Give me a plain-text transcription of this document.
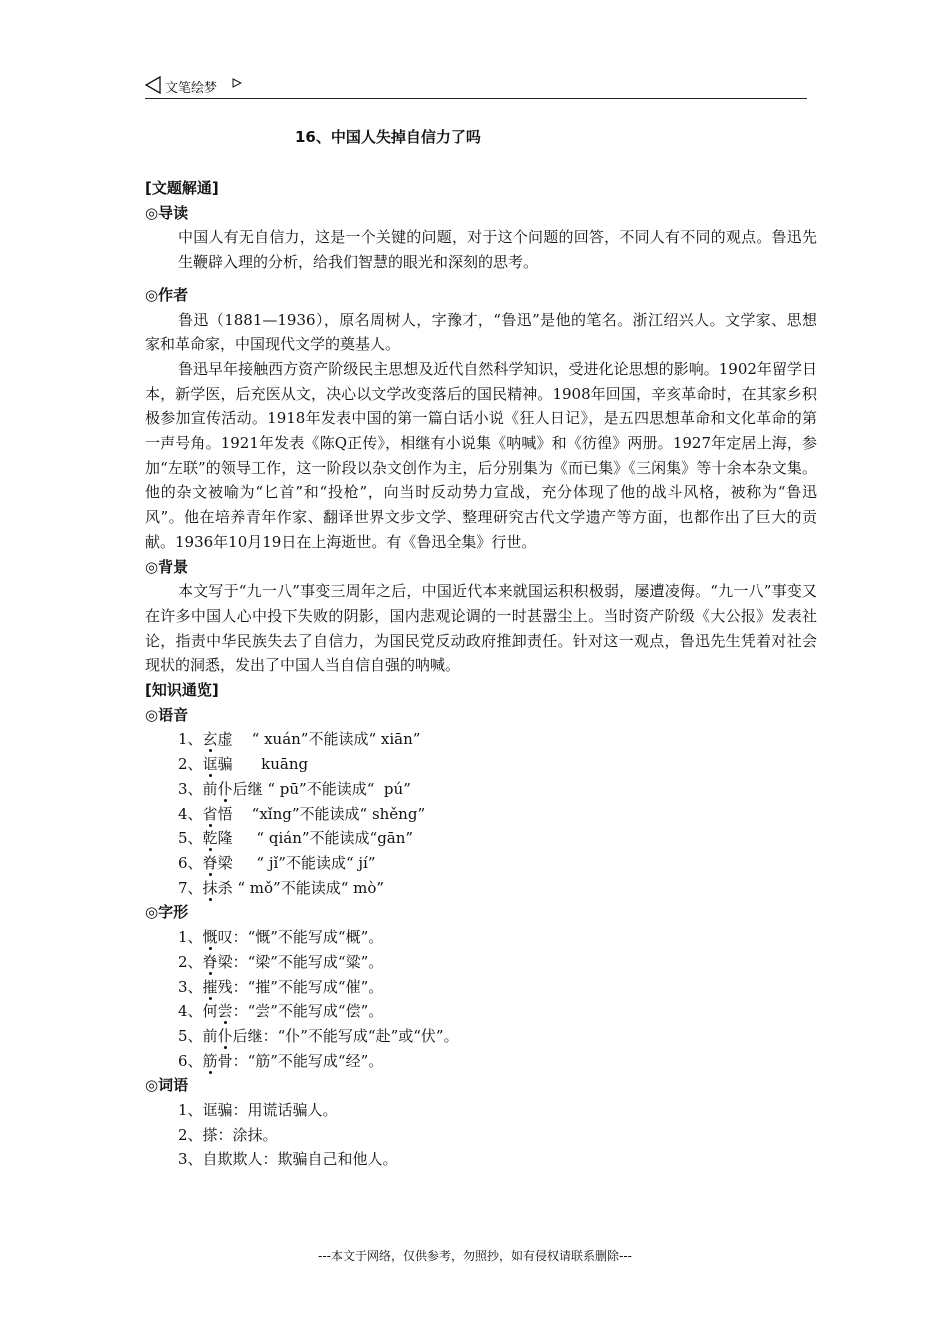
文笔绘梦
16、中国人失掉自信力了吗
[文题解通]
◎导读
中国人有无自信力，这是一个关键的问题，对于这个问题的回答，不同人有不同的观点。鲁迅先生鞭辟入理的分析，给我们智慧的眼光和深刻的思考。
◎作者
鲁迅（1881—1936），原名周树人，字豫才，“鲁迅”是他的笔名。浙江绍兴人。文学家、思想家和革命家，中国现代文学的奠基人。
鲁迅早年接触西方资产阶级民主思想及近代自然科学知识，受进化论思想的影响。1902年留学日本，新学医，后充医从文，决心以文学改变落后的国民精神。1908年回国，辛亥革命时，在其家乡积极参加宣传活动。1918年发表中国的第一篇白话小说《狂人日记》，是五四思想革命和文化革命的第一声号角。1921年发表《陈Q正传》，相继有小说集《呐喊》和《彷徨》两册。1927年定居上海，参加“左联”的领导工作，这一阶段以杂文创作为主，后分别集为《而已集》《三闲集》等十余本杂文集。他的杂文被喻为“匕首”和“投枪”，向当时反动势力宣战，充分体现了他的战斗风格，被称为“鲁迅风”。他在培养青年作家、翻译世界文步文学、整理研究古代文学遗产等方面，也都作出了巨大的贡献。1936年10月19日在上海逝世。有《鲁迅全集》行世。
◎背景
本文写于“九一八”事变三周年之后，中国近代本来就国运积积极弱，屡遭凌侮。“九一八”事变又在许多中国人心中投下失败的阴影，国内悲观论调的一时甚嚣尘上。当时资产阶级《大公报》发表社论，指责中华民族失去了自信力，为国民党反动政府推卸责任。针对这一观点，鲁迅先生凭着对社会现状的洞悉，发出了中国人当自信自强的呐喊。
[知识通览]
◎语音
1、玄虚    “ xuán”不能读成“ xiān”
2、诓骗      kuāng
3、前仆后继 “ pū”不能读成“  pú”
4、省悟    “xǐng”不能读成“ shěng”
5、乾隆     “ qián”不能读成“gān”
6、脊梁     “ jǐ”不能读成“ jí”
7、抹杀 “ mǒ”不能读成“ mò”
◎字形
1、慨叹：“慨”不能写成“概”。
2、脊梁：“梁”不能写成“粱”。
3、摧残：“摧”不能写成“催”。
4、何尝：“尝”不能写成“偿”。
5、前仆后继：“仆”不能写成“赴”或“伏”。
6、筋骨：“筋”不能写成“经”。
◎词语
1、诓骗：用谎话骗人。
2、搽：涂抹。
3、自欺欺人：欺骗自己和他人。
---本文于网络，仅供参考，勿照抄，如有侵权请联系删除---
